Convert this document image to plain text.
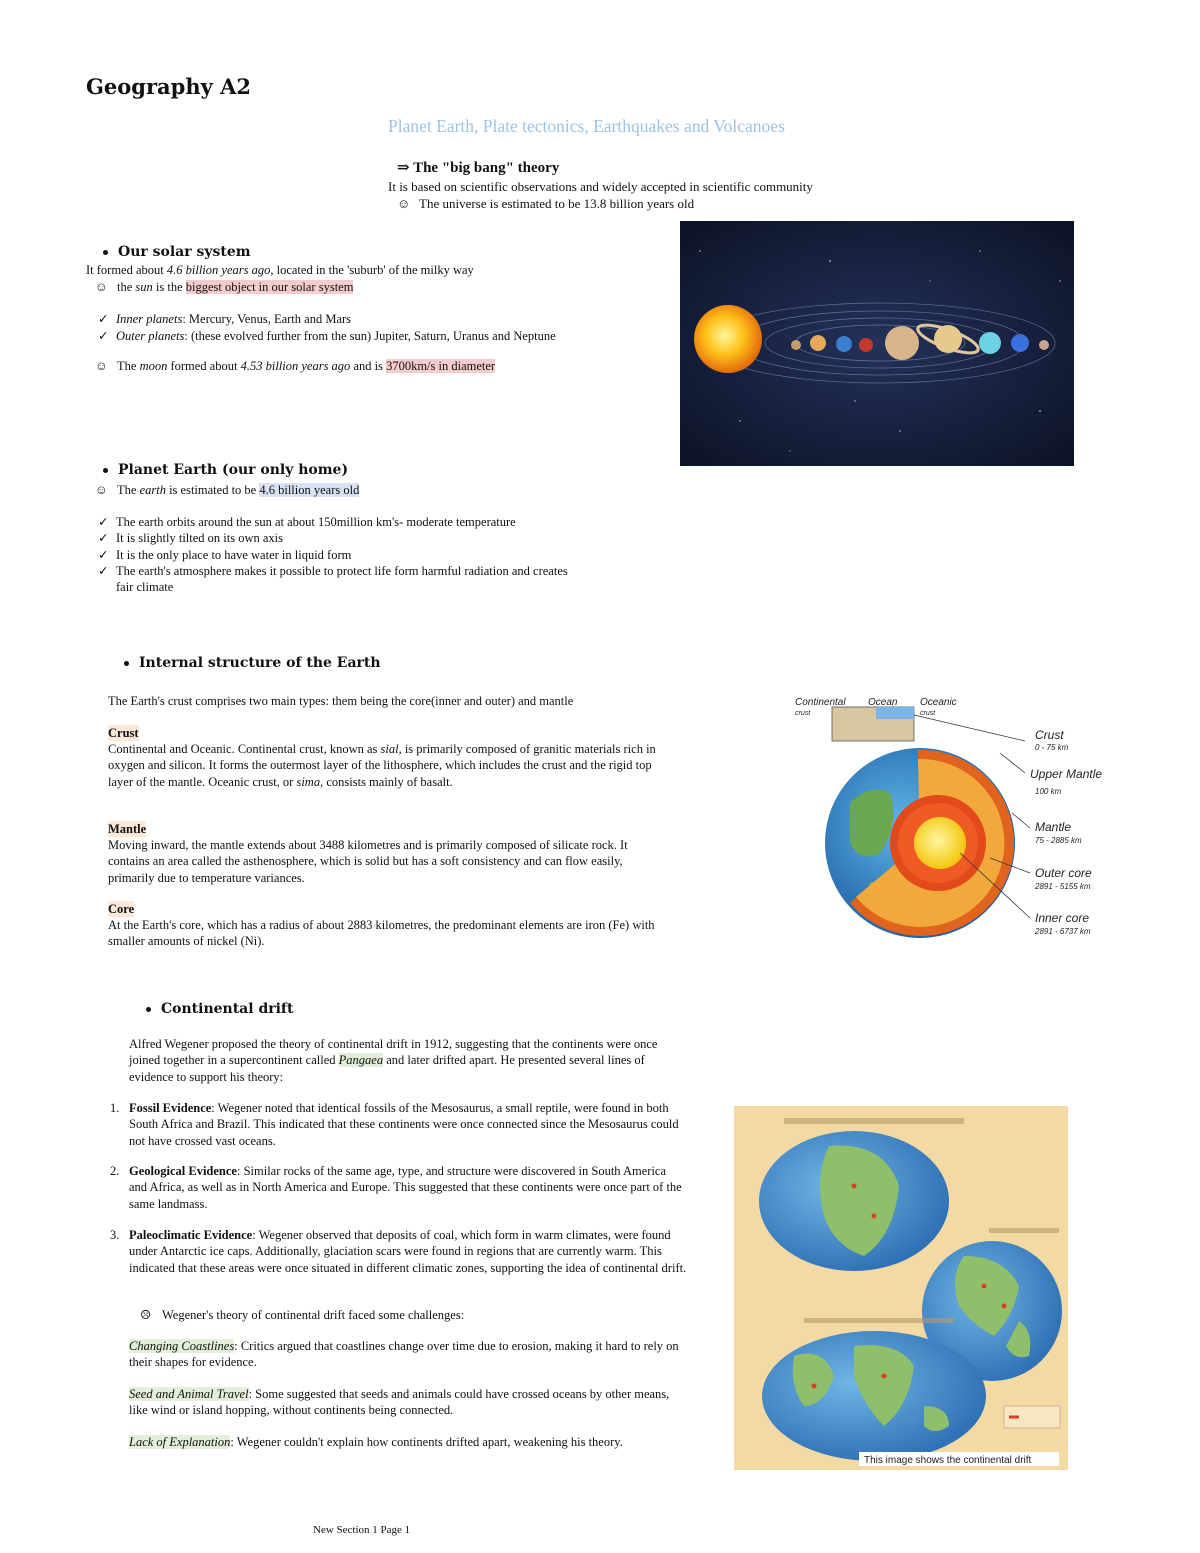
Geography A2
Planet Earth, Plate tectonics, Earthquakes and Volcanoes
⇒ The "big bang" theory
It is based on scientific observations and widely accepted in scientific community
☺ The universe is estimated to be 13.8 billion years old
Our solar system
It formed about 4.6 billion years ago, located in the 'suburb' of the milky way
☺ the sun is the biggest object in our solar system
✓ Inner planets: Mercury, Venus, Earth and Mars
✓ Outer planets: (these evolved further from the sun) Jupiter, Saturn, Uranus and Neptune
☺ The moon formed about 4.53 billion years ago and is 3700km/s in diameter
Planet Earth (our only home)
☺ The earth is estimated to be 4.6 billion years old
✓ The earth orbits around the sun at about 150million km's- moderate temperature
✓ It is slightly tilted on its own axis
✓ It is the only place to have water in liquid form
✓ The earth's atmosphere makes it possible to protect life form harmful radiation and creates
fair climate
Internal structure of the Earth
The Earth's crust comprises two main types: them being the core(inner and outer) and mantle
Crust
Continental and Oceanic. Continental crust, known as sial, is primarily composed of granitic materials rich in oxygen and silicon. It forms the outermost layer of the lithosphere, which includes the crust and the rigid top layer of the mantle. Oceanic crust, or sima, consists mainly of basalt.
Mantle
Moving inward, the mantle extends about 3488 kilometres and is primarily composed of silicate rock. It contains an area called the asthenosphere, which is solid but has a soft consistency and can flow easily, primarily due to temperature variances.
Core
At the Earth's core, which has a radius of about 2883 kilometres, the predominant elements are iron (Fe) with smaller amounts of nickel (Ni).
Continental
crust
Ocean Oceanic
crust
Crust
0 - 75 km
Upper Mantle
100 km
Mantle
75 - 2885 km
Outer core
2891 - 5155 km
Inner core
2891 - 6737 km
Continental drift
Alfred Wegener proposed the theory of continental drift in 1912, suggesting that the continents were once joined together in a supercontinent called Pangaea and later drifted apart. He presented several lines of evidence to support his theory:
1. Fossil Evidence: Wegener noted that identical fossils of the Mesosaurus, a small reptile, were found in both South Africa and Brazil. This indicated that these continents were once connected since the Mesosaurus could not have crossed vast oceans.
2. Geological Evidence: Similar rocks of the same age, type, and structure were discovered in South America and Africa, as well as in North America and Europe. This suggested that these continents were once part of the same landmass.
3. Paleoclimatic Evidence: Wegener observed that deposits of coal, which form in warm climates, were found under Antarctic ice caps. Additionally, glaciation scars were found in regions that are currently warm. This indicated that these areas were once situated in different climatic zones, supporting the idea of continental drift.
☹ Wegener's theory of continental drift faced some challenges:
Changing Coastlines: Critics argued that coastlines change over time due to erosion, making it hard to rely on their shapes for evidence.
Seed and Animal Travel: Some suggested that seeds and animals could have crossed oceans by other means, like wind or island hopping, without continents being connected.
Lack of Explanation: Wegener couldn't explain how continents drifted apart, weakening his theory.
This image shows the continental drift
New Section 1 Page 1
